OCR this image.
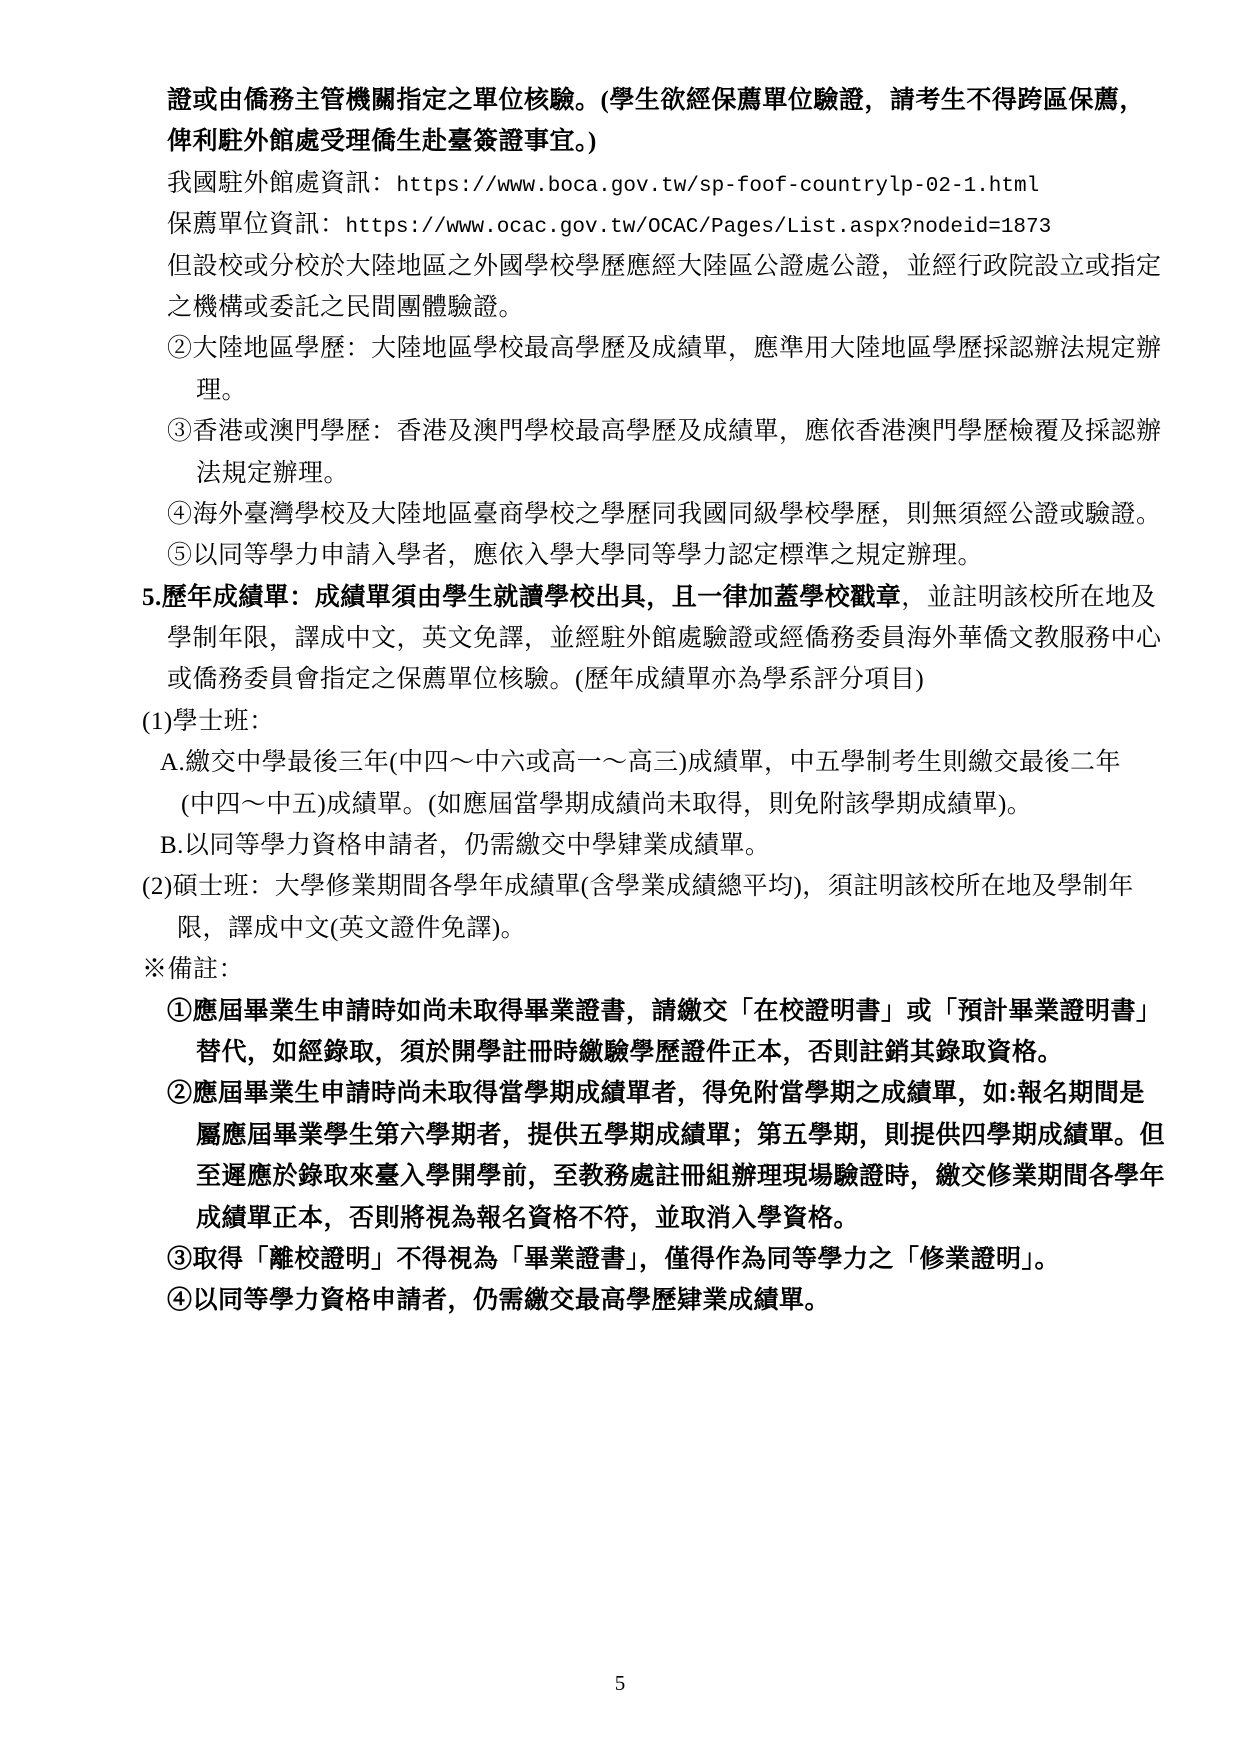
證或由僑務主管機關指定之單位核驗。(學生欲經保薦單位驗證，請考生不得跨區保薦，
俾利駐外館處受理僑生赴臺簽證事宜。)
我國駐外館處資訊：https://www.boca.gov.tw/sp-foof-countrylp-02-1.html
保薦單位資訊：https://www.ocac.gov.tw/OCAC/Pages/List.aspx?nodeid=1873
但設校或分校於大陸地區之外國學校學歷應經大陸區公證處公證，並經行政院設立或指定
之機構或委託之民間團體驗證。
②大陸地區學歷：大陸地區學校最高學歷及成績單，應準用大陸地區學歷採認辦法規定辦
理。
③香港或澳門學歷：香港及澳門學校最高學歷及成績單，應依香港澳門學歷檢覆及採認辦
法規定辦理。
④海外臺灣學校及大陸地區臺商學校之學歷同我國同級學校學歷，則無須經公證或驗證。
⑤以同等學力申請入學者，應依入學大學同等學力認定標準之規定辦理。
5.歷年成績單：成績單須由學生就讀學校出具，且一律加蓋學校戳章，並註明該校所在地及
學制年限，譯成中文，英文免譯，並經駐外館處驗證或經僑務委員海外華僑文教服務中心
或僑務委員會指定之保薦單位核驗。(歷年成績單亦為學系評分項目)
(1)學士班：
A.繳交中學最後三年(中四～中六或高一～高三)成績單，中五學制考生則繳交最後二年
(中四～中五)成績單。(如應屆當學期成績尚未取得，則免附該學期成績單)。
B.以同等學力資格申請者，仍需繳交中學肄業成績單。
(2)碩士班：大學修業期間各學年成績單(含學業成績總平均)，須註明該校所在地及學制年
限，譯成中文(英文證件免譯)。
※備註：
①應屆畢業生申請時如尚未取得畢業證書，請繳交「在校證明書」或「預計畢業證明書」
替代，如經錄取，須於開學註冊時繳驗學歷證件正本，否則註銷其錄取資格。
②應屆畢業生申請時尚未取得當學期成績單者，得免附當學期之成績單，如:報名期間是
屬應屆畢業學生第六學期者，提供五學期成績單；第五學期，則提供四學期成績單。但
至遲應於錄取來臺入學開學前，至教務處註冊組辦理現場驗證時，繳交修業期間各學年
成績單正本，否則將視為報名資格不符，並取消入學資格。
③取得「離校證明」不得視為「畢業證書」，僅得作為同等學力之「修業證明」。
④以同等學力資格申請者，仍需繳交最高學歷肄業成績單。
5
